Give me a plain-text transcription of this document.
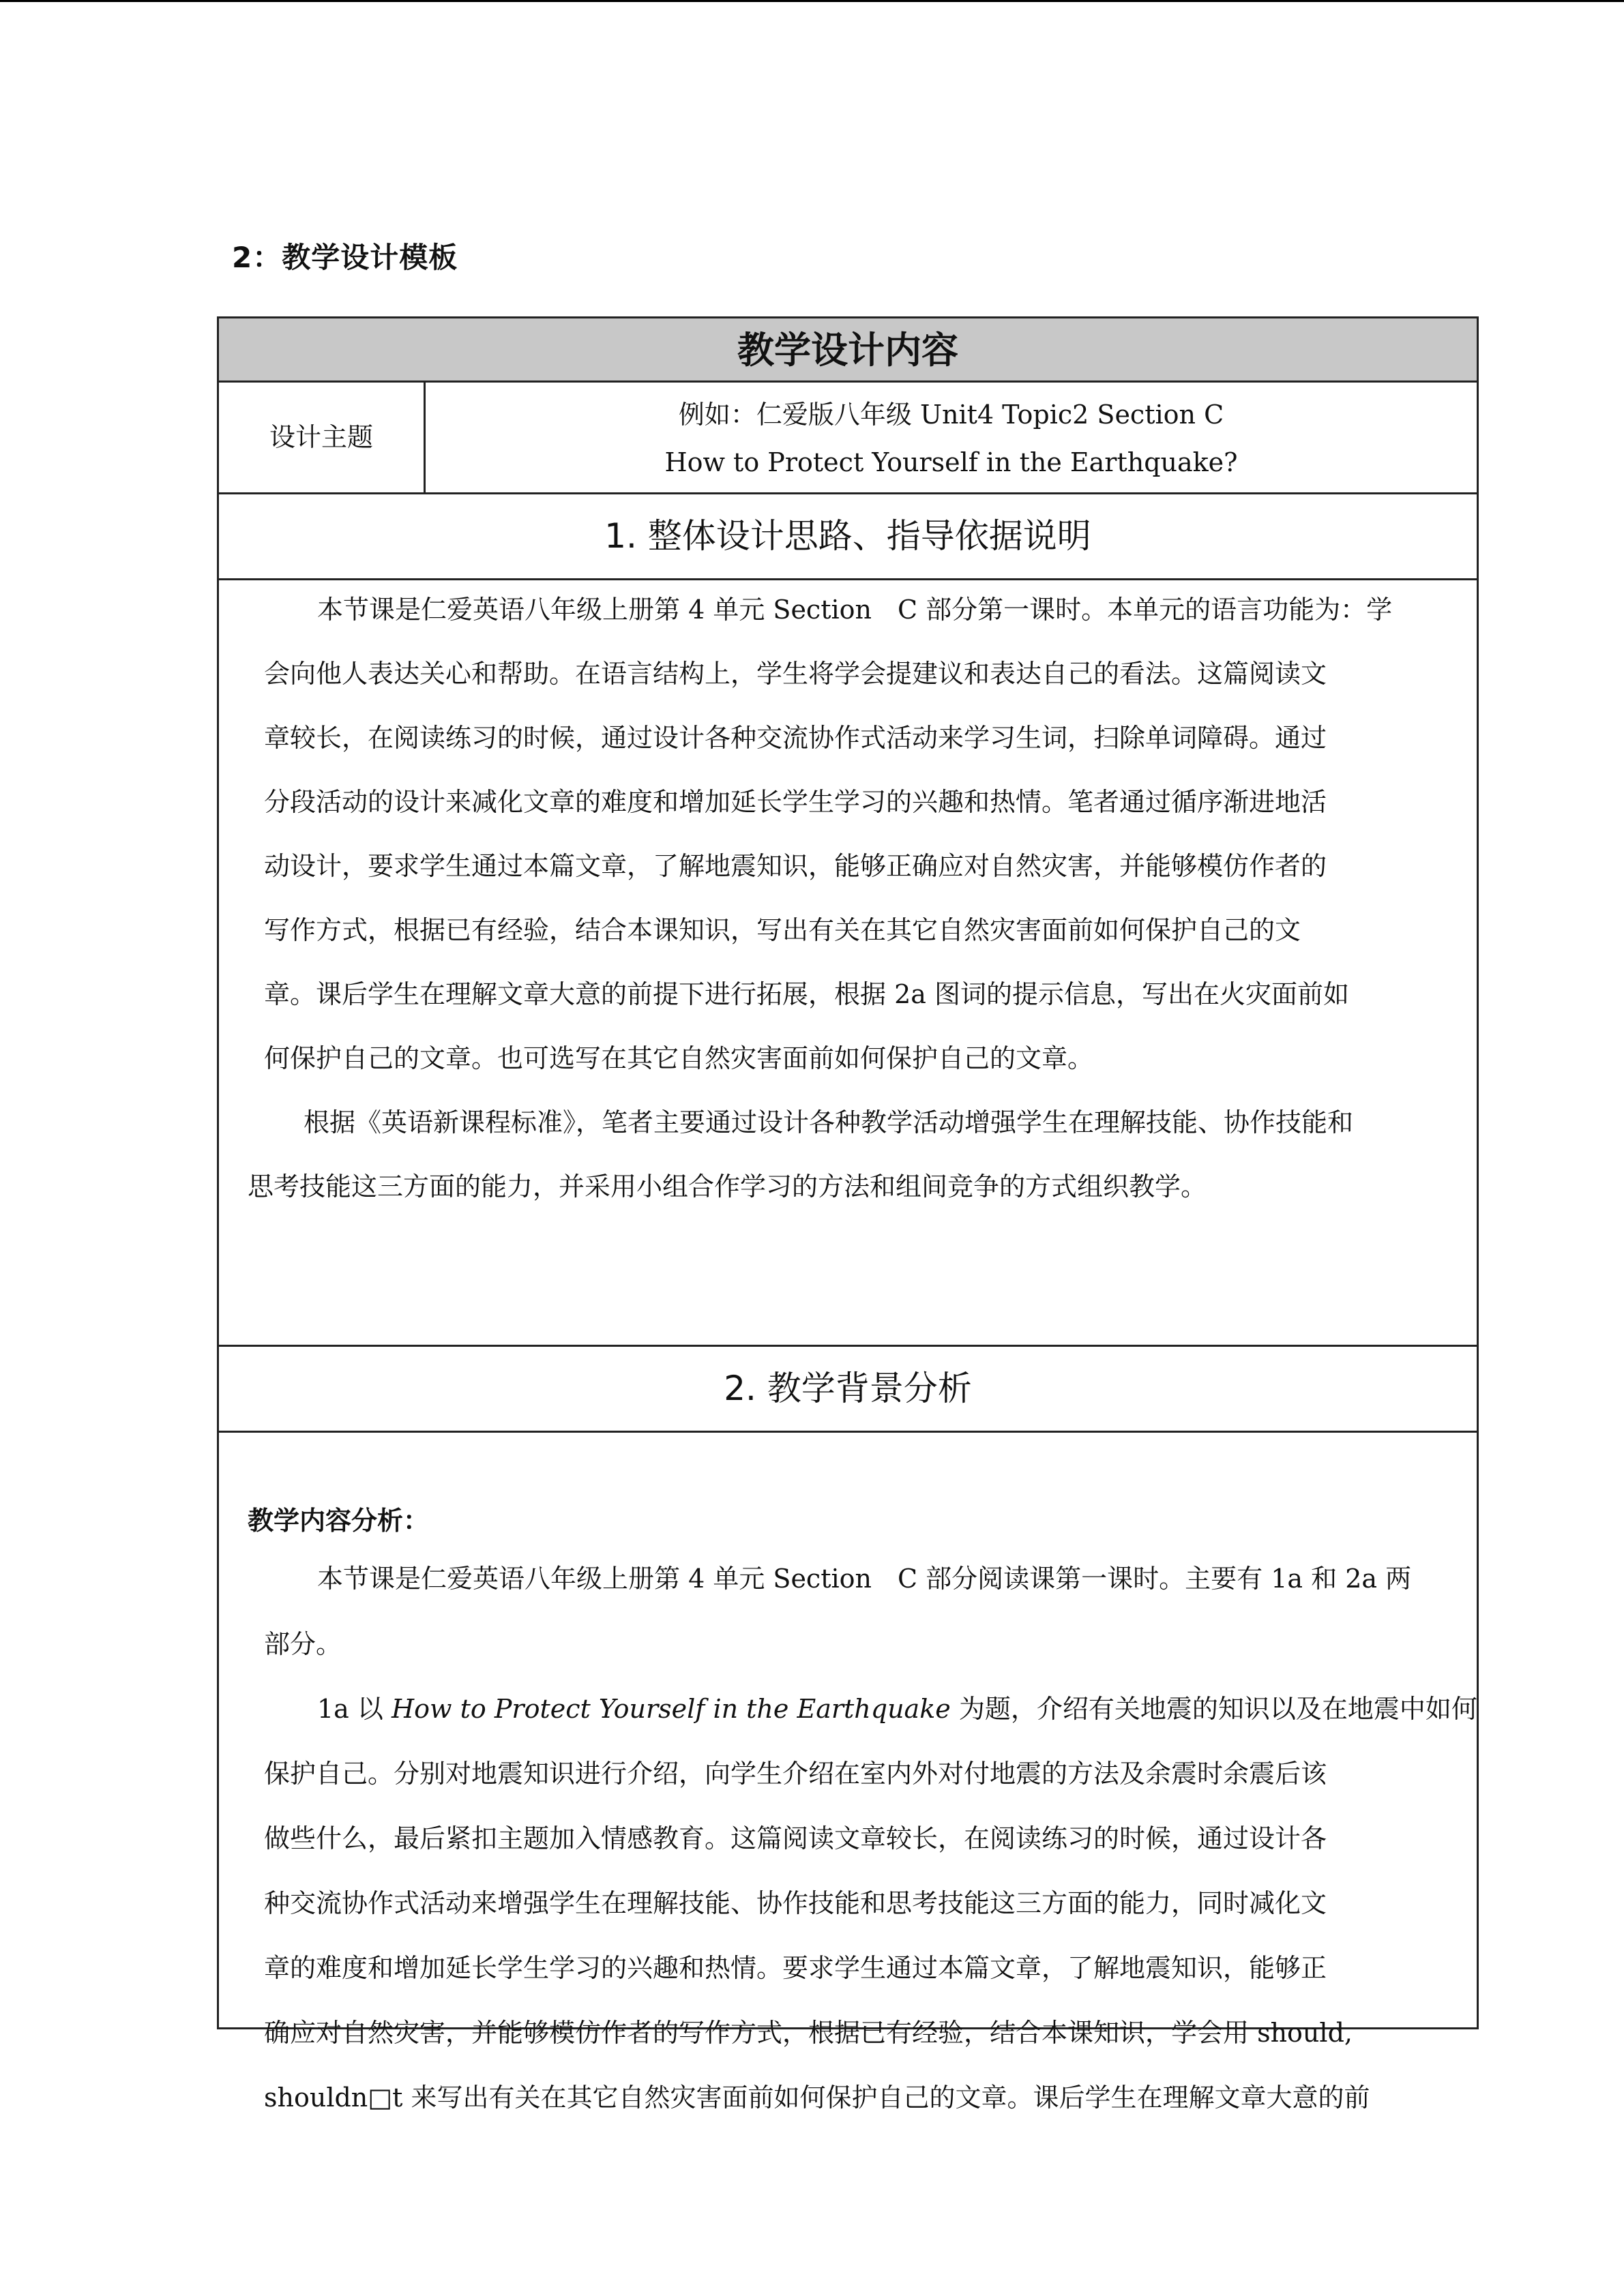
2：教学设计模板
教学设计内容
设计主题
例如：仁爱版八年级 Unit4 Topic2 Section C
How to Protect Yourself in the Earthquake?
1. 整体设计思路、指导依据说明
本节课是仁爱英语八年级上册第 4 单元 Section　C 部分第一课时。本单元的语言功能为：学
会向他人表达关心和帮助。在语言结构上，学生将学会提建议和表达自己的看法。这篇阅读文
章较长，在阅读练习的时候，通过设计各种交流协作式活动来学习生词，扫除单词障碍。通过
分段活动的设计来减化文章的难度和增加延长学生学习的兴趣和热情。笔者通过循序渐进地活
动设计，要求学生通过本篇文章，了解地震知识，能够正确应对自然灾害，并能够模仿作者的
写作方式，根据已有经验，结合本课知识，写出有关在其它自然灾害面前如何保护自己的文
章。课后学生在理解文章大意的前提下进行拓展，根据 2a 图词的提示信息，写出在火灾面前如
何保护自己的文章。也可选写在其它自然灾害面前如何保护自己的文章。
根据《英语新课程标准》，笔者主要通过设计各种教学活动增强学生在理解技能、协作技能和
思考技能这三方面的能力，并采用小组合作学习的方法和组间竞争的方式组织教学。
2. 教学背景分析
教学内容分析：
本节课是仁爱英语八年级上册第 4 单元 Section　C 部分阅读课第一课时。主要有 1a 和 2a 两
部分。
1a 以 How to Protect Yourself in the Earthquake 为题，介绍有关地震的知识以及在地震中如何
保护自己。分别对地震知识进行介绍，向学生介绍在室内外对付地震的方法及余震时余震后该
做些什么，最后紧扣主题加入情感教育。这篇阅读文章较长，在阅读练习的时候，通过设计各
种交流协作式活动来增强学生在理解技能、协作技能和思考技能这三方面的能力，同时减化文
章的难度和增加延长学生学习的兴趣和热情。要求学生通过本篇文章，了解地震知识，能够正
确应对自然灾害，并能够模仿作者的写作方式，根据已有经验，结合本课知识，学会用 should,
shouldn□t 来写出有关在其它自然灾害面前如何保护自己的文章。课后学生在理解文章大意的前
